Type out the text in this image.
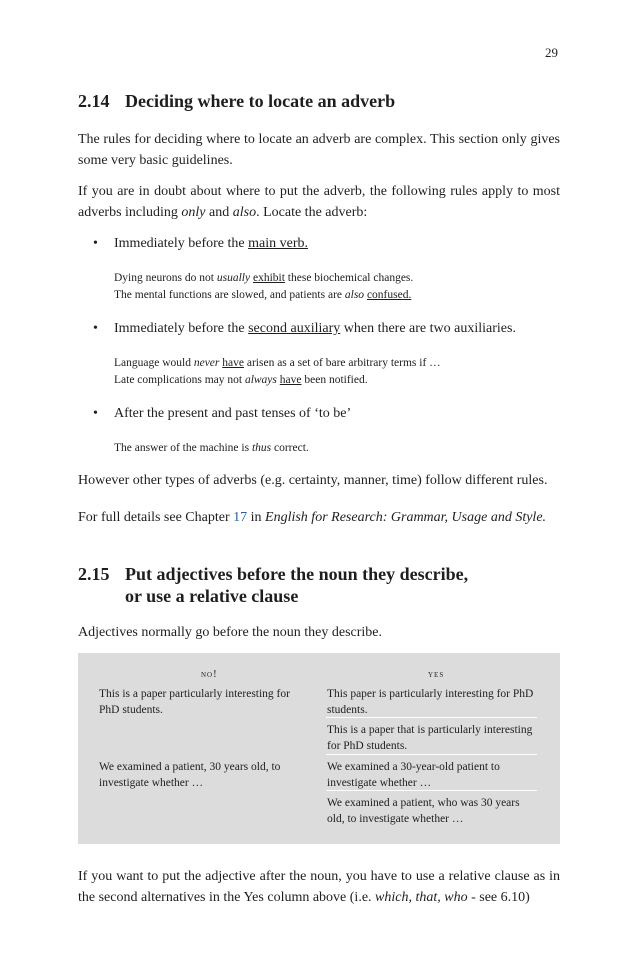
29
2.14 Deciding where to locate an adverb
The rules for deciding where to locate an adverb are complex. This section only gives some very basic guidelines.
If you are in doubt about where to put the adverb, the following rules apply to most adverbs including only and also. Locate the adverb:
• Immediately before the main verb.
Dying neurons do not usually exhibit these biochemical changes.
The mental functions are slowed, and patients are also confused.
• Immediately before the second auxiliary when there are two auxiliaries.
Language would never have arisen as a set of bare arbitrary terms if …
Late complications may not always have been notified.
• After the present and past tenses of ‘to be’
The answer of the machine is thus correct.
However other types of adverbs (e.g. certainty, manner, time) follow different rules.
For full details see Chapter 17 in English for Research: Grammar, Usage and Style.
2.15 Put adjectives before the noun they describe,
or use a relative clause
Adjectives normally go before the noun they describe.
no!	yes
This is a paper particularly interesting for PhD students.
This paper is particularly interesting for PhD students.
This is a paper that is particularly interesting for PhD students.
We examined a patient, 30 years old, to investigate whether …
We examined a 30-year-old patient to investigate whether …
We examined a patient, who was 30 years old, to investigate whether …
If you want to put the adjective after the noun, you have to use a relative clause as in the second alternatives in the Yes column above (i.e. which, that, who - see 6.10)
